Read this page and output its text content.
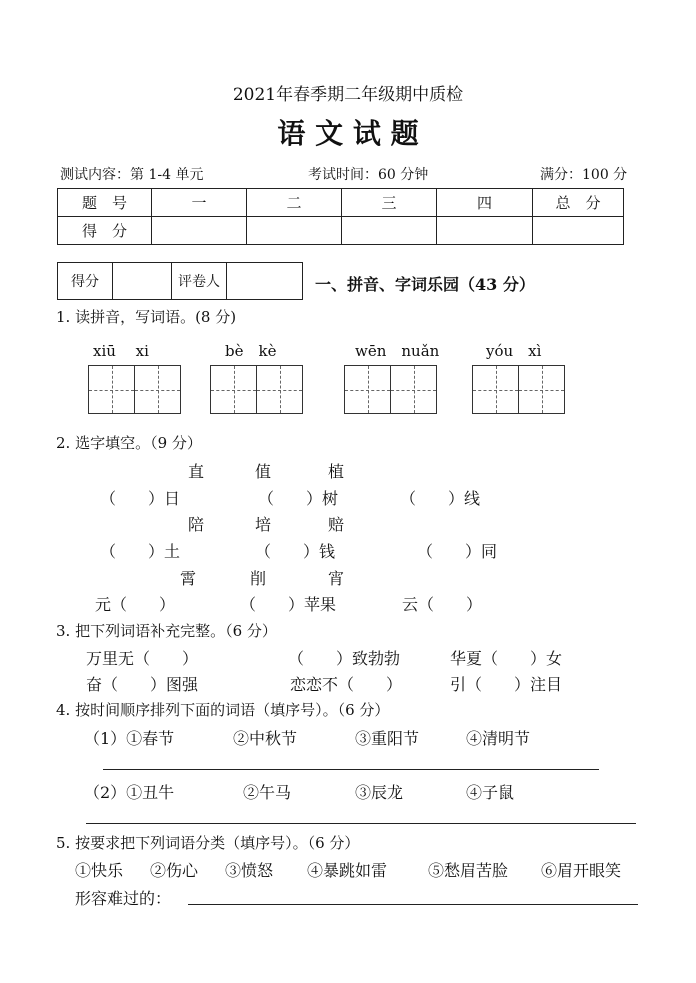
2021年春季期二年级期中质检
语 文 试 题
测试内容：第 1-4 单元	考试时间：60 分钟	满分：100 分
题　号	一	二	三	四	总　分
得　分					
得分		评卷人		一、拼音、字词乐园（43 分）
1. 读拼音，写词语。(8 分)
xiū　 xi	bè　kè	wēn　nuǎn	yóu　xì
2. 选字填空。（9 分）
直	值	植
（　　）日	（　　）树	（　　）线
陪	培	赔
（　　）土	（　　）钱	（　　）同
霄	削	宵
元（　　）	（　　）苹果	云（　　）
3. 把下列词语补充完整。（6 分）
万里无（　　）	（　　）致勃勃	华夏（　　）女
奋（　　）图强	恋恋不（　　）	引（　　）注目
4. 按时间顺序排列下面的词语（填序号）。（6 分）
（1）①春节	②中秋节	③重阳节	④清明节
（2）①丑牛	②午马	③辰龙	④子鼠
5. 按要求把下列词语分类（填序号）。（6 分）
①快乐 ②伤心 ③愤怒 ④暴跳如雷	⑤愁眉苦脸 ⑥眉开眼笑
形容难过的：
